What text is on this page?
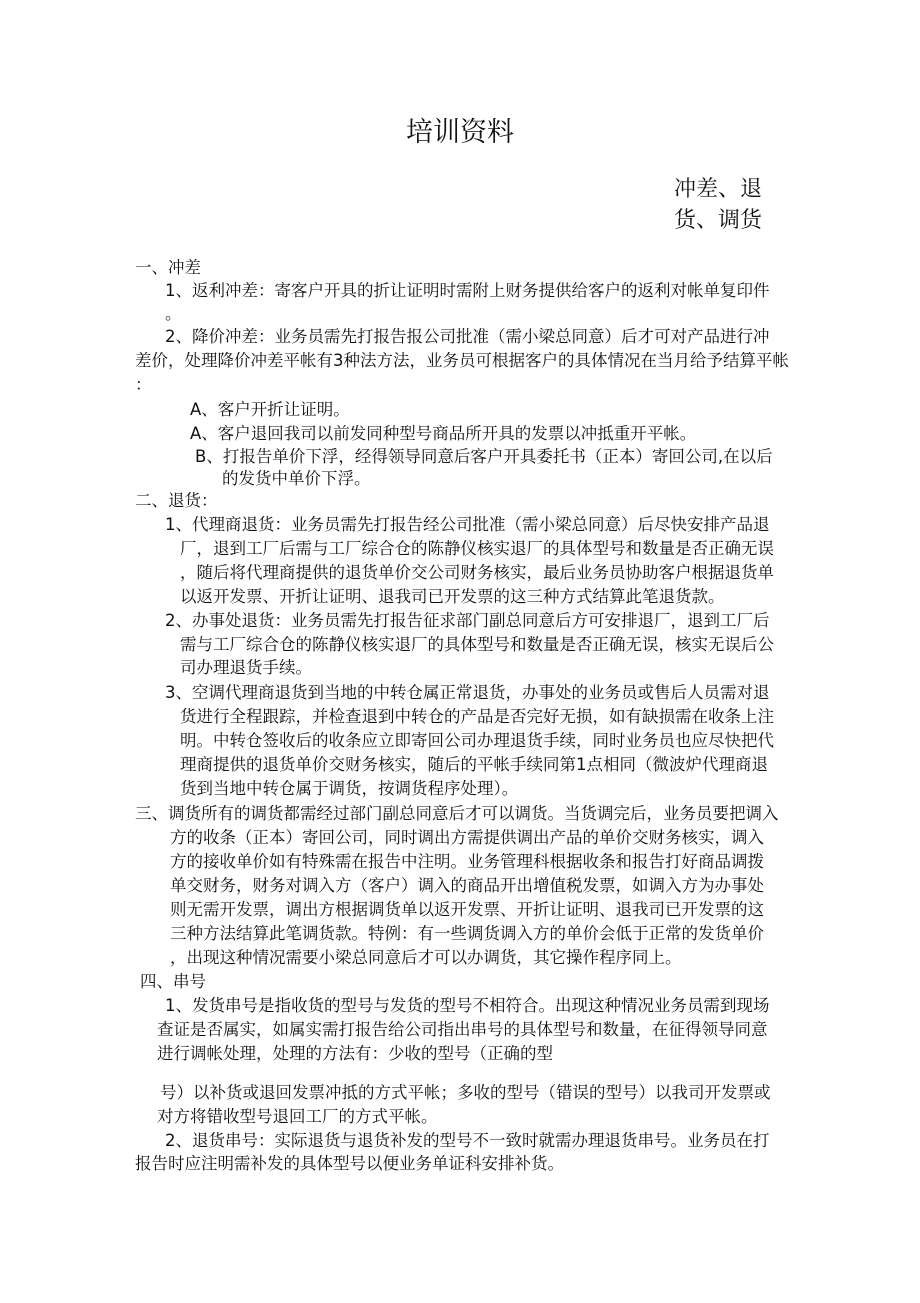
培训资料
冲差、退
货、调货
一、冲差
1、返利冲差：寄客户开具的折让证明时需附上财务提供给客户的返利对帐单复印件
。
2、降价冲差：业务员需先打报告报公司批准（需小梁总同意）后才可对产品进行冲
差价，处理降价冲差平帐有3种法方法，业务员可根据客户的具体情况在当月给予结算平帐
：
A、客户开折让证明。
A、客户退回我司以前发同种型号商品所开具的发票以冲抵重开平帐。
B、打报告单价下浮，经得领导同意后客户开具委托书（正本）寄回公司,在以后
的发货中单价下浮。
二、退货：
1、代理商退货：业务员需先打报告经公司批准（需小梁总同意）后尽快安排产品退
厂，退到工厂后需与工厂综合仓的陈静仪核实退厂的具体型号和数量是否正确无误
，随后将代理商提供的退货单价交公司财务核实，最后业务员协助客户根据退货单
以返开发票、开折让证明、退我司已开发票的这三种方式结算此笔退货款。
2、办事处退货：业务员需先打报告征求部门副总同意后方可安排退厂，退到工厂后
需与工厂综合仓的陈静仪核实退厂的具体型号和数量是否正确无误，核实无误后公
司办理退货手续。
3、空调代理商退货到当地的中转仓属正常退货，办事处的业务员或售后人员需对退
货进行全程跟踪，并检查退到中转仓的产品是否完好无损，如有缺损需在收条上注
明。中转仓签收后的收条应立即寄回公司办理退货手续，同时业务员也应尽快把代
理商提供的退货单价交财务核实，随后的平帐手续同第1点相同（微波炉代理商退
货到当地中转仓属于调货，按调货程序处理）。
三、调货所有的调货都需经过部门副总同意后才可以调货。当货调完后，业务员要把调入
方的收条（正本）寄回公司，同时调出方需提供调出产品的单价交财务核实，调入
方的接收单价如有特殊需在报告中注明。业务管理科根据收条和报告打好商品调拨
单交财务，财务对调入方（客户）调入的商品开出增值税发票，如调入方为办事处
则无需开发票，调出方根据调货单以返开发票、开折让证明、退我司已开发票的这
三种方法结算此笔调货款。特例：有一些调货调入方的单价会低于正常的发货单价
，出现这种情况需要小梁总同意后才可以办调货，其它操作程序同上。
四、串号
1、发货串号是指收货的型号与发货的型号不相符合。出现这种情况业务员需到现场
查证是否属实，如属实需打报告给公司指出串号的具体型号和数量，在征得领导同意
进行调帐处理，处理的方法有：少收的型号（正确的型
号）以补货或退回发票冲抵的方式平帐；多收的型号（错误的型号）以我司开发票或
对方将错收型号退回工厂的方式平帐。
2、退货串号：实际退货与退货补发的型号不一致时就需办理退货串号。业务员在打
报告时应注明需补发的具体型号以便业务单证科安排补货。
